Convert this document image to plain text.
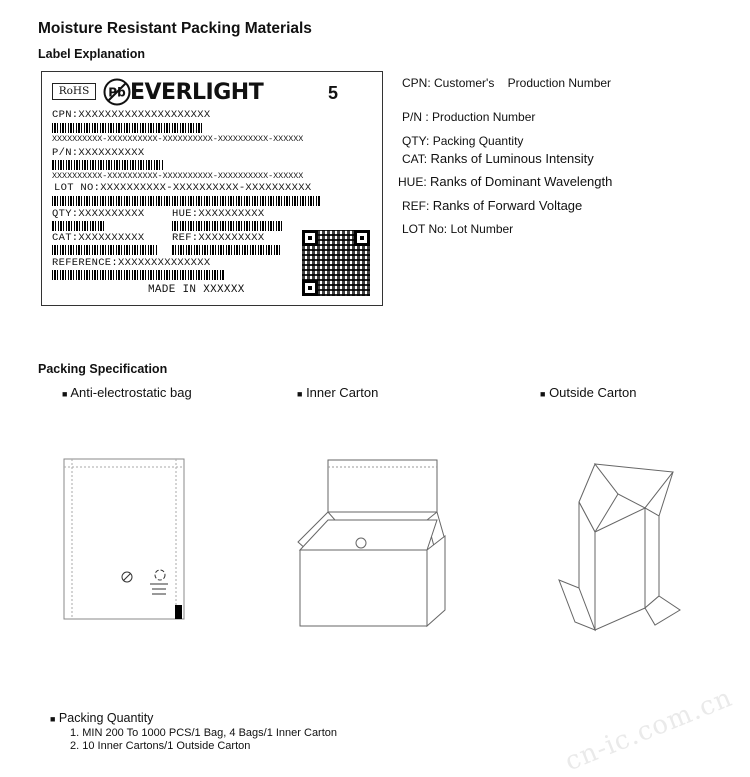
Moisture Resistant Packing Materials
Label Explanation
RoHS	Pb EVERLIGHT	5
CPN:XXXXXXXXXXXXXXXXXXXX
XXXXXXXXXX-XXXXXXXXXX-XXXXXXXXXX-XXXXXXXXXX-XXXXXX
P/N:XXXXXXXXXX
XXXXXXXXXX-XXXXXXXXXX-XXXXXXXXXX-XXXXXXXXXX-XXXXXX
LOT NO:XXXXXXXXXX-XXXXXXXXXX-XXXXXXXXXX
QTY:XXXXXXXXXX	HUE:XXXXXXXXXX
CAT:XXXXXXXXXX	REF:XXXXXXXXXX
REFERENCE:XXXXXXXXXXXXXX
MADE IN XXXXXX
CPN: Customer's    Production Number
P/N : Production Number
QTY: Packing Quantity
CAT: Ranks of Luminous Intensity
HUE: Ranks of Dominant Wavelength
REF: Ranks of Forward Voltage
LOT No: Lot Number
Packing Specification
■ Anti-electrostatic bag	■ Inner Carton	■ Outside Carton
■ Packing Quantity
1. MIN 200 To 1000 PCS/1 Bag, 4 Bags/1 Inner Carton
2. 10 Inner Cartons/1 Outside Carton	cn-ic.com.cn
